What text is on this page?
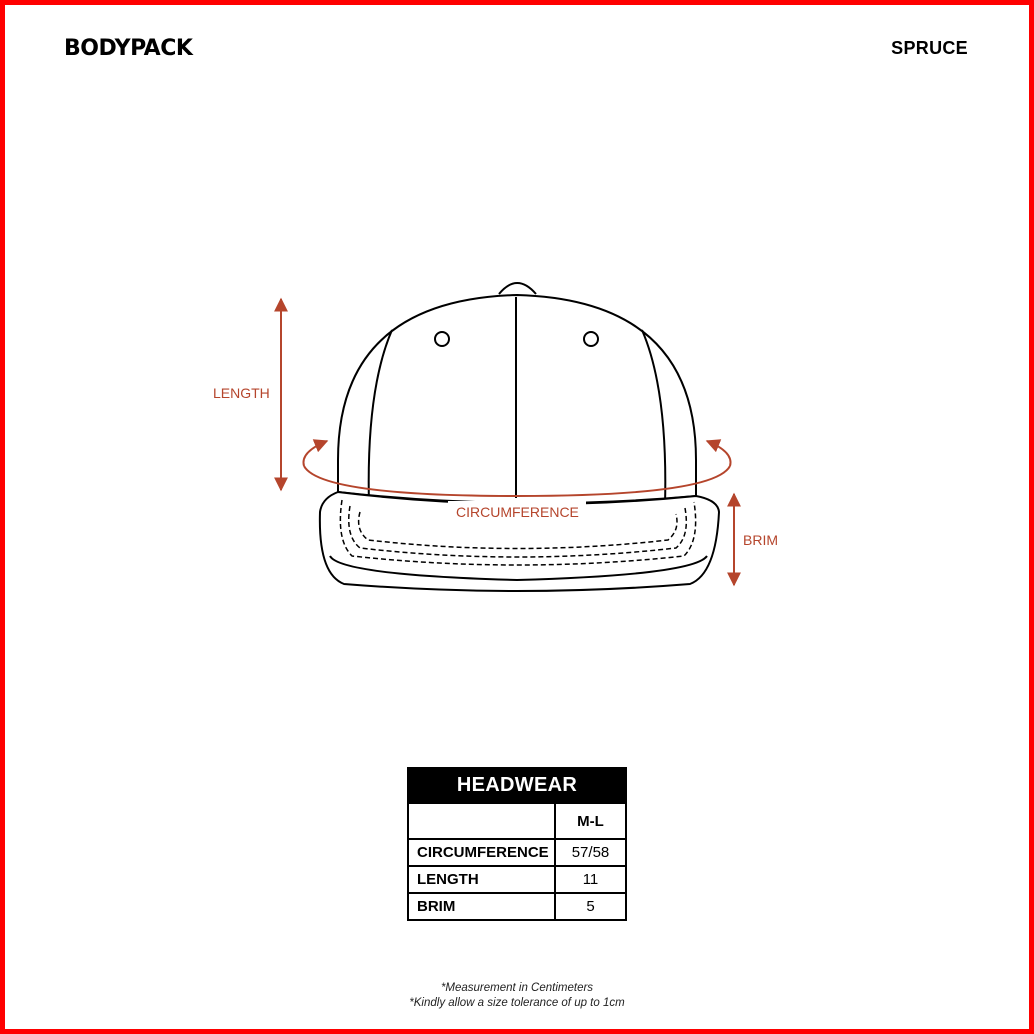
BODYPACK	SPRUCE
LENGTH
CIRCUMFERENCE
BRIM
HEADWEAR	
	M-L
CIRCUMFERENCE	57/58
LENGTH	11
BRIM	5
*Measurement in Centimeters
*Kindly allow a size tolerance of up to 1cm
